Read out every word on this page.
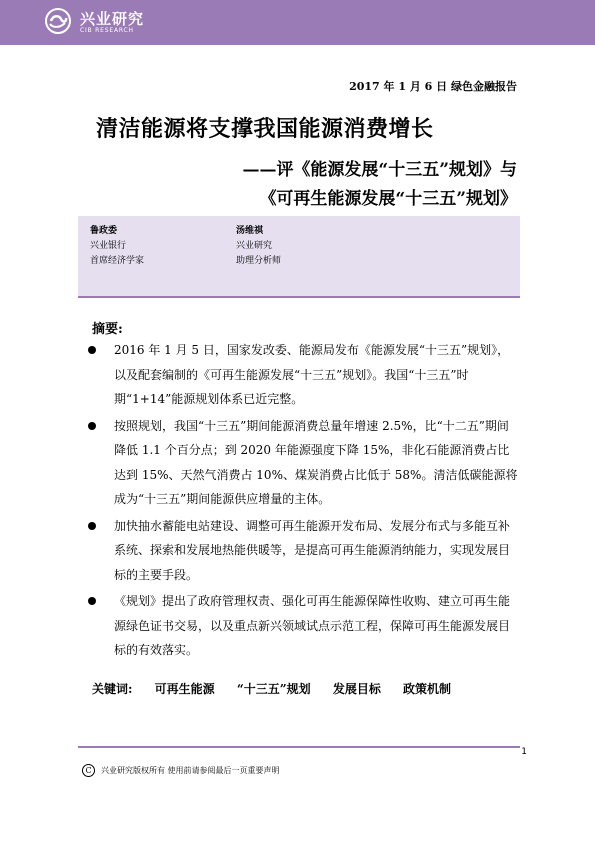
兴业研究
CIB RESEARCH
2017 年 1 月 6 日 绿色金融报告
清洁能源将支撑我国能源消费增长
——评《能源发展“十三五”规划》与
《可再生能源发展“十三五”规划》
鲁政委
兴业银行
首席经济学家
汤维祺
兴业研究
助理分析师
摘要:
2016 年 1 月 5 日，国家发改委、能源局发布《能源发展“十三五”规划》，以及配套编制的《可再生能源发展“十三五”规划》。我国“十三五”时期“1+14”能源规划体系已近完整。
按照规划，我国“十三五”期间能源消费总量年增速 2.5%，比“十二五”期间降低 1.1 个百分点；到 2020 年能源强度下降 15%，非化石能源消费占比达到 15%、天然气消费占 10%、煤炭消费占比低于 58%。清洁低碳能源将成为“十三五”期间能源供应增量的主体。
加快抽水蓄能电站建设、调整可再生能源开发布局、发展分布式与多能互补系统、探索和发展地热能供暖等，是提高可再生能源消纳能力，实现发展目标的主要手段。
《规划》提出了政府管理权责、强化可再生能源保障性收购、建立可再生能源绿色证书交易，以及重点新兴领域试点示范工程，保障可再生能源发展目标的有效落实。
关键词: 可再生能源 “十三五”规划 发展目标 政策机制
1
C	兴业研究版权所有 使用前请参阅最后一页重要声明
